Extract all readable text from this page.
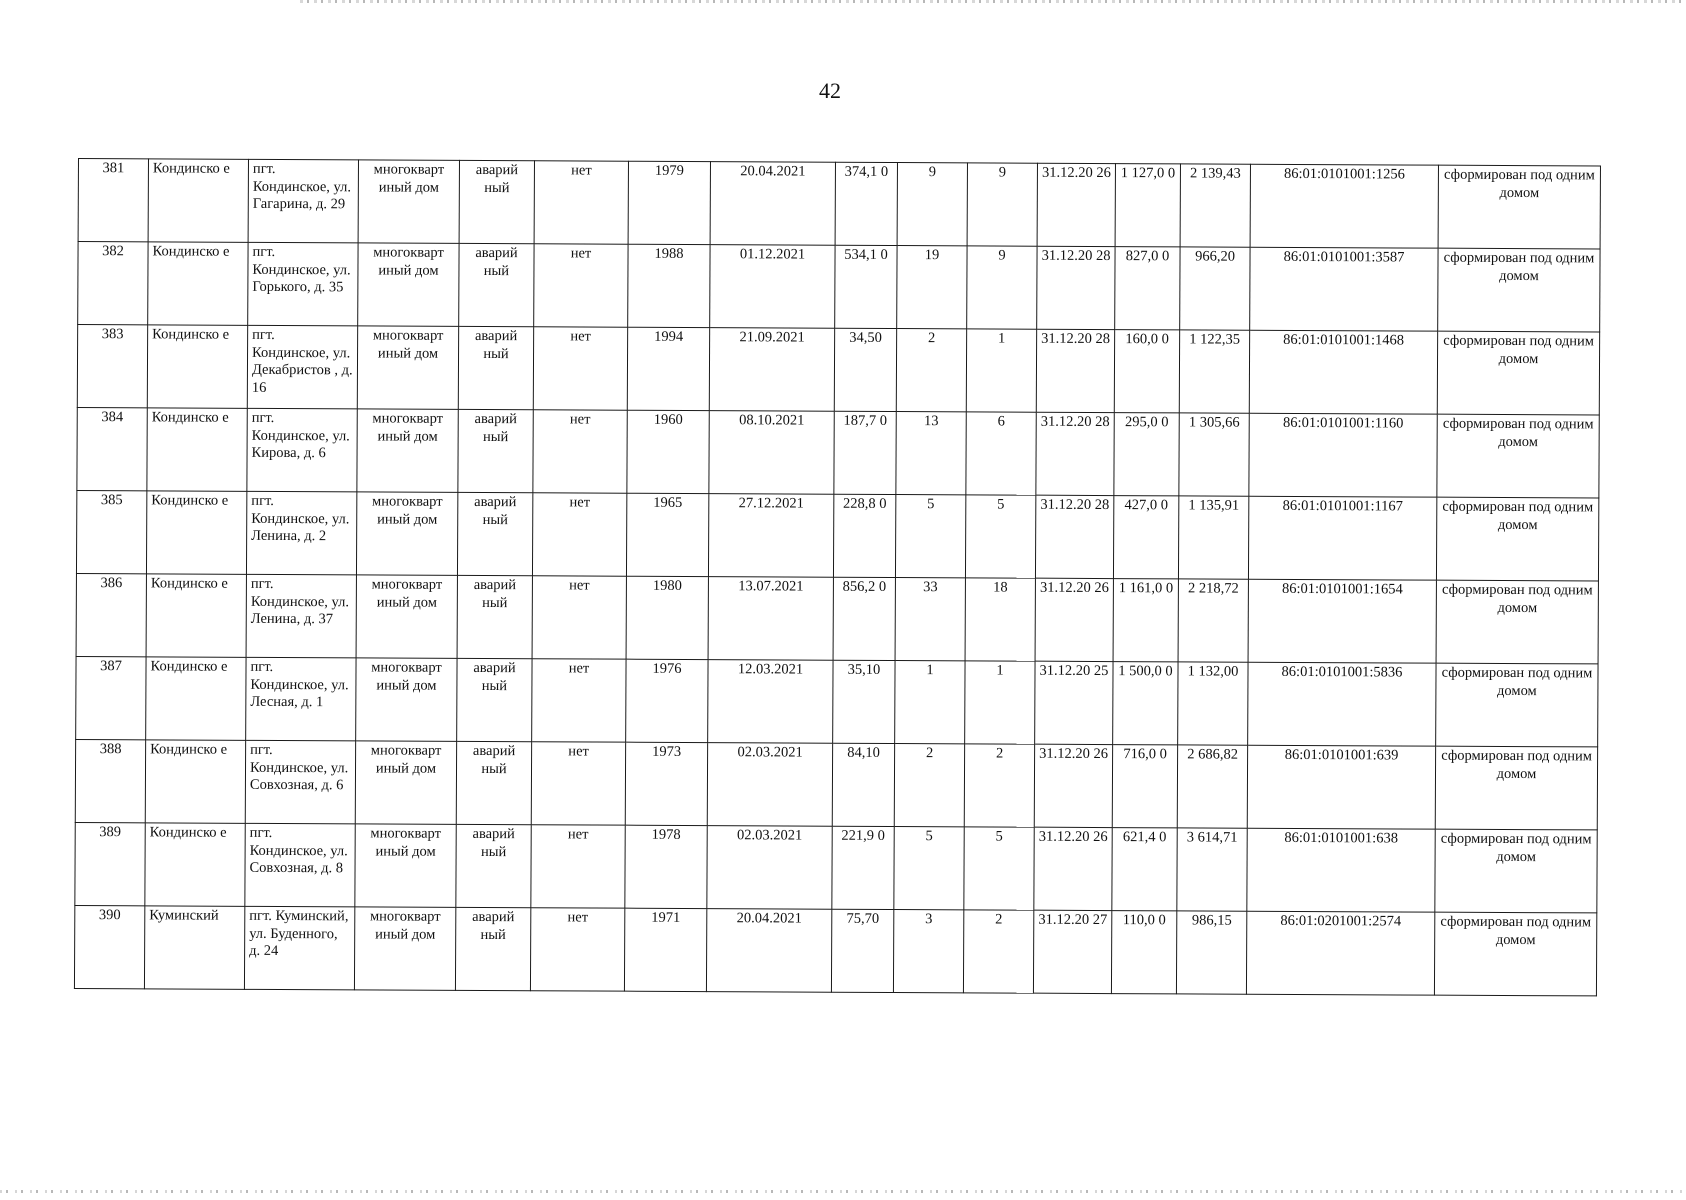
42
381	Кондинско е	пгт. Кондинское, ул. Гагарина, д. 29	многокварт иный дом	аварий ный	нет	1979	20.04.2021	374,1 0	9	9	31.12.20 26	1 127,0 0	2 139,43	86:01:0101001:1256	сформирован под одним домом
382	Кондинско е	пгт. Кондинское, ул. Горького, д. 35	многокварт иный дом	аварий ный	нет	1988	01.12.2021	534,1 0	19	9	31.12.20 28	827,0 0	966,20	86:01:0101001:3587	сформирован под одним домом
383	Кондинско е	пгт. Кондинское, ул. Декабристов , д. 16	многокварт иный дом	аварий ный	нет	1994	21.09.2021	34,50	2	1	31.12.20 28	160,0 0	1 122,35	86:01:0101001:1468	сформирован под одним домом
384	Кондинско е	пгт. Кондинское, ул. Кирова, д. 6	многокварт иный дом	аварий ный	нет	1960	08.10.2021	187,7 0	13	6	31.12.20 28	295,0 0	1 305,66	86:01:0101001:1160	сформирован под одним домом
385	Кондинско е	пгт. Кондинское, ул. Ленина, д. 2	многокварт иный дом	аварий ный	нет	1965	27.12.2021	228,8 0	5	5	31.12.20 28	427,0 0	1 135,91	86:01:0101001:1167	сформирован под одним домом
386	Кондинско е	пгт. Кондинское, ул. Ленина, д. 37	многокварт иный дом	аварий ный	нет	1980	13.07.2021	856,2 0	33	18	31.12.20 26	1 161,0 0	2 218,72	86:01:0101001:1654	сформирован под одним домом
387	Кондинско е	пгт. Кондинское, ул. Лесная, д. 1	многокварт иный дом	аварий ный	нет	1976	12.03.2021	35,10	1	1	31.12.20 25	1 500,0 0	1 132,00	86:01:0101001:5836	сформирован под одним домом
388	Кондинско е	пгт. Кондинское, ул. Совхозная, д. 6	многокварт иный дом	аварий ный	нет	1973	02.03.2021	84,10	2	2	31.12.20 26	716,0 0	2 686,82	86:01:0101001:639	сформирован под одним домом
389	Кондинско е	пгт. Кондинское, ул. Совхозная, д. 8	многокварт иный дом	аварий ный	нет	1978	02.03.2021	221,9 0	5	5	31.12.20 26	621,4 0	3 614,71	86:01:0101001:638	сформирован под одним домом
390	Куминский	пгт. Куминский, ул. Буденного, д. 24	многокварт иный дом	аварий ный	нет	1971	20.04.2021	75,70	3	2	31.12.20 27	110,0 0	986,15	86:01:0201001:2574	сформирован под одним домом
